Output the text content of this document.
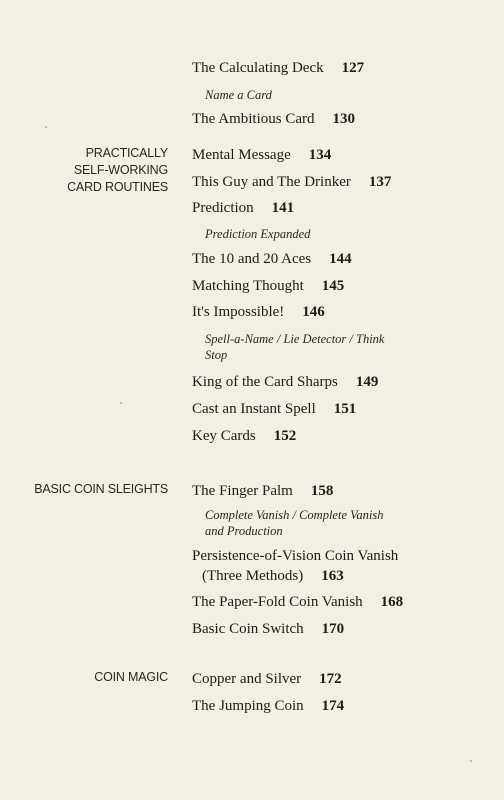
PRACTICALLY
SELF-WORKING
CARD ROUTINES
BASIC COIN SLEIGHTS
COIN MAGIC
The Calculating Deck 127
Name a Card
The Ambitious Card 130
Mental Message 134
This Guy and The Drinker 137
Prediction 141
Prediction Expanded
The 10 and 20 Aces 144
Matching Thought 145
It's Impossible! 146
Spell-a-Name / Lie Detector / Think
Stop
King of the Card Sharps 149
Cast an Instant Spell 151
Key Cards 152
The Finger Palm 158
Complete Vanish / Complete Vanish
and Production
Persistence-of-Vision Coin Vanish
(Three Methods) 163
The Paper-Fold Coin Vanish 168
Basic Coin Switch 170
Copper and Silver 172
The Jumping Coin 174
